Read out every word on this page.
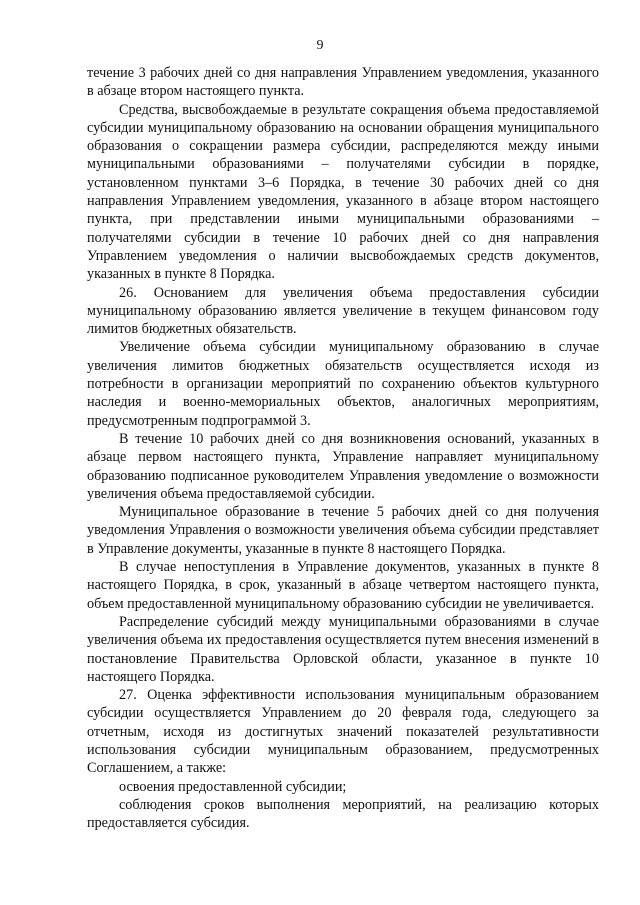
9

течение 3 рабочих дней со дня направления Управлением уведомления, указанного в абзаце втором настоящего пункта.

Средства, высвобождаемые в результате сокращения объема предоставляемой субсидии муниципальному образованию на основании обращения муниципального образования о сокращении размера субсидии, распределяются между иными муниципальными образованиями – получателями субсидии в порядке, установленном пунктами 3–6 Порядка, в течение 30 рабочих дней со дня направления Управлением уведомления, указанного в абзаце втором настоящего пункта, при представлении иными муниципальными образованиями – получателями субсидии в течение 10 рабочих дней со дня направления Управлением уведомления о наличии высвобождаемых средств документов, указанных в пункте 8 Порядка.

26. Основанием для увеличения объема предоставления субсидии муниципальному образованию является увеличение в текущем финансовом году лимитов бюджетных обязательств.

Увеличение объема субсидии муниципальному образованию в случае увеличения лимитов бюджетных обязательств осуществляется исходя из потребности в организации мероприятий по сохранению объектов культурного наследия и военно-мемориальных объектов, аналогичных мероприятиям, предусмотренным подпрограммой 3.

В течение 10 рабочих дней со дня возникновения оснований, указанных в абзаце первом настоящего пункта, Управление направляет муниципальному образованию подписанное руководителем Управления уведомление о возможности увеличения объема предоставляемой субсидии.

Муниципальное образование в течение 5 рабочих дней со дня получения уведомления Управления о возможности увеличения объема субсидии представляет в Управление документы, указанные в пункте 8 настоящего Порядка.

В случае непоступления в Управление документов, указанных в пункте 8 настоящего Порядка, в срок, указанный в абзаце четвертом настоящего пункта, объем предоставленной муниципальному образованию субсидии не увеличивается.

Распределение субсидий между муниципальными образованиями в случае увеличения объема их предоставления осуществляется путем внесения изменений в постановление Правительства Орловской области, указанное в пункте 10 настоящего Порядка.

27. Оценка эффективности использования муниципальным образованием субсидии осуществляется Управлением до 20 февраля года, следующего за отчетным, исходя из достигнутых значений показателей результативности использования субсидии муниципальным образованием, предусмотренных Соглашением, а также:

освоения предоставленной субсидии;

соблюдения сроков выполнения мероприятий, на реализацию которых предоставляется субсидия.
